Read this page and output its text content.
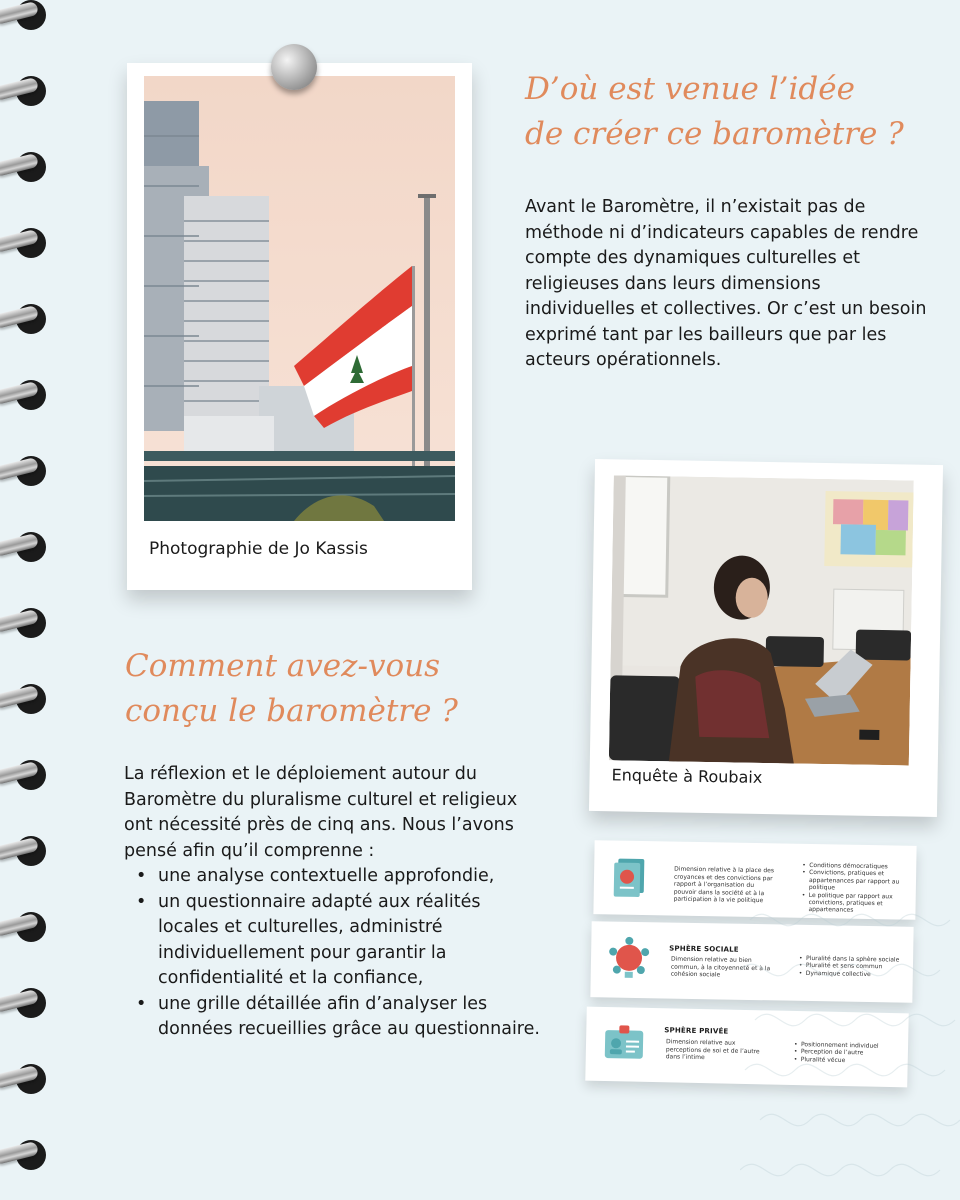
Photographie de Jo Kassis
D’où est venue l’idée
de créer ce baromètre ?

Avant le Baromètre, il n’existait pas de méthode ni d’indicateurs capables de rendre compte des dynamiques culturelles et religieuses dans leurs dimensions individuelles et collectives. Or c’est un besoin exprimé tant par les bailleurs que par les acteurs opérationnels.

Enquête à Roubaix
Comment avez-vous
conçu le baromètre ?

La réflexion et le déploiement autour du Baromètre du pluralisme culturel et religieux ont nécessité près de cinq ans. Nous l’avons pensé afin qu’il comprenne :

• une analyse contextuelle approfondie,
• un questionnaire adapté aux réalités locales et culturelles, administré individuellement pour garantir la confidentialité et la confiance,
• une grille détaillée afin d’analyser les données recueillies grâce au questionnaire.
Dimension relative à la place des croyances et des convictions par rapport à l’organisation du pouvoir dans la société et à la participation à la vie politique
• Conditions démocratiques
• Convictions, pratiques et appartenances par rapport au politique
• Le politique par rapport aux convictions, pratiques et appartenances
SPHÈRE SOCIALE
Dimension relative au bien commun, à la citoyenneté et à la cohésion sociale
• Pluralité dans la sphère sociale
• Pluralité et sens commun
• Dynamique collective
SPHÈRE PRIVÉE
Dimension relative aux perceptions de soi et de l’autre dans l’intime
• Positionnement individuel
• Perception de l’autre
• Pluralité vécue
